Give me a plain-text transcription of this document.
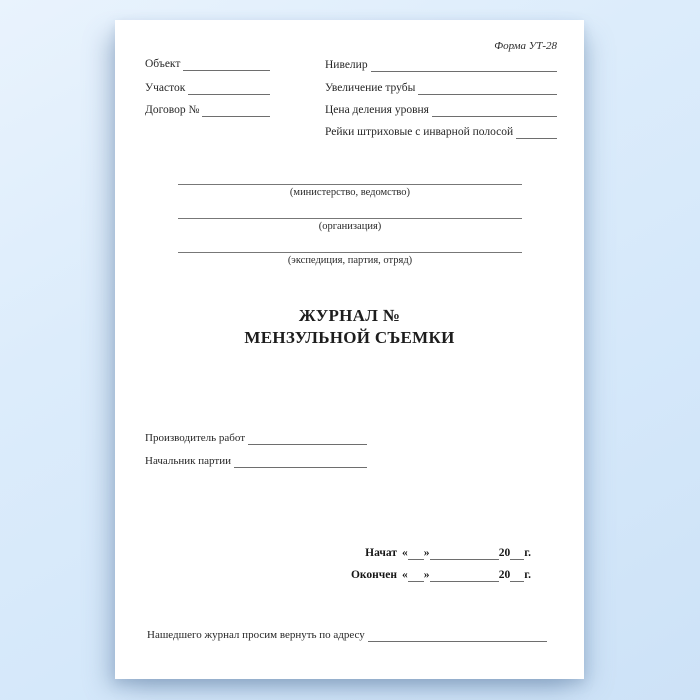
Форма УТ-28
Объект
Участок
Договор №
Нивелир
Увеличение трубы
Цена деления уровня
Рейки штриховые с инварной полосой
(министерство, ведомство)
(организация)
(экспедиция, партия, отряд)
ЖУРНАЛ №
МЕНЗУЛЬНОЙ СЪЕМКИ
Производитель работ
Начальник партии
Начат « »	20 г.
Окончен « »	20 г.
Нашедшего журнал просим вернуть по адресу
